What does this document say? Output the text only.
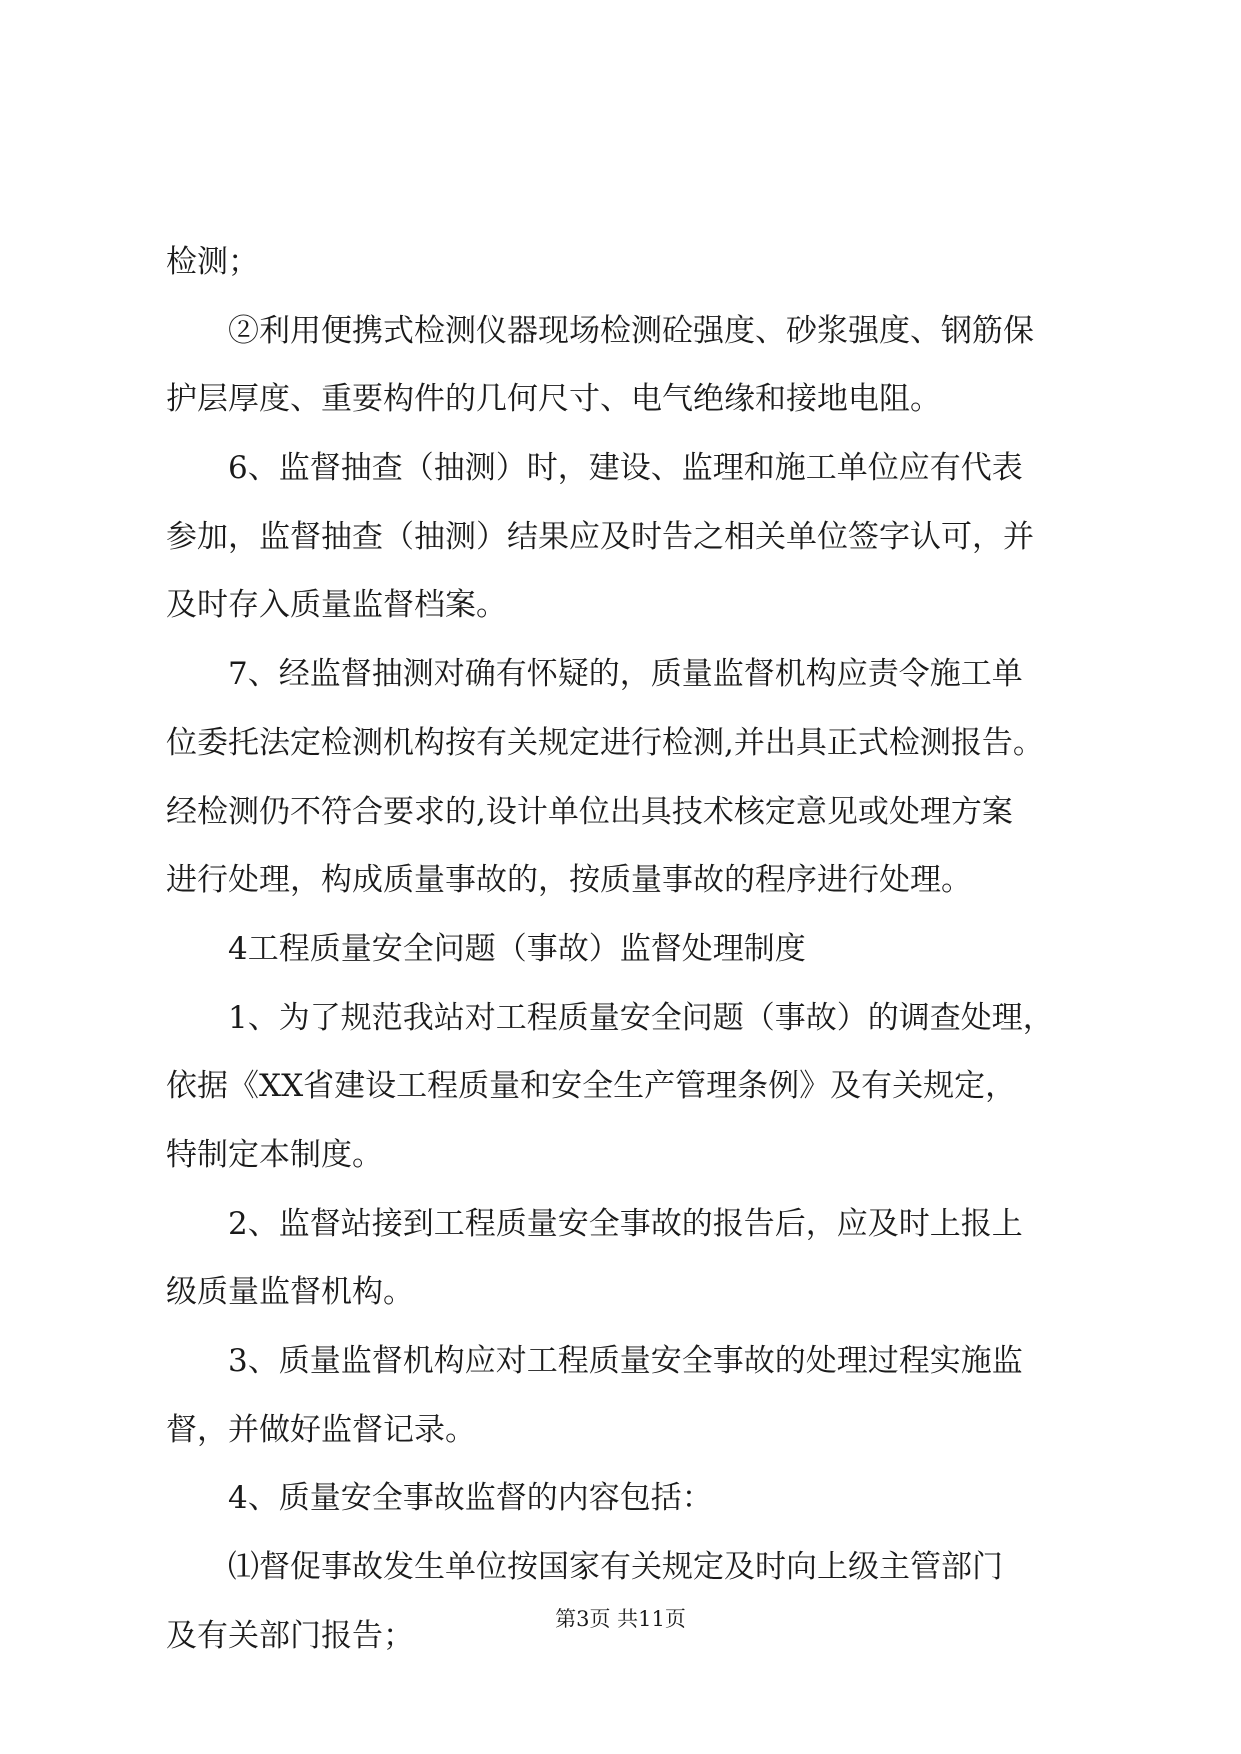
检测；
②利用便携式检测仪器现场检测砼强度、砂浆强度、钢筋保
护层厚度、重要构件的几何尺寸、电气绝缘和接地电阻。
6、监督抽查（抽测）时，建设、监理和施工单位应有代表
参加，监督抽查（抽测）结果应及时告之相关单位签字认可，并
及时存入质量监督档案。
7、经监督抽测对确有怀疑的，质量监督机构应责令施工单
位委托法定检测机构按有关规定进行检测,并出具正式检测报告。
经检测仍不符合要求的,设计单位出具技术核定意见或处理方案
进行处理，构成质量事故的，按质量事故的程序进行处理。
4工程质量安全问题（事故）监督处理制度
1、为了规范我站对工程质量安全问题（事故）的调查处理，
依据《XX省建设工程质量和安全生产管理条例》及有关规定，
特制定本制度。
2、监督站接到工程质量安全事故的报告后，应及时上报上
级质量监督机构。
3、质量监督机构应对工程质量安全事故的处理过程实施监
督，并做好监督记录。
4、质量安全事故监督的内容包括：
⑴督促事故发生单位按国家有关规定及时向上级主管部门
及有关部门报告；	第3页 共11页
